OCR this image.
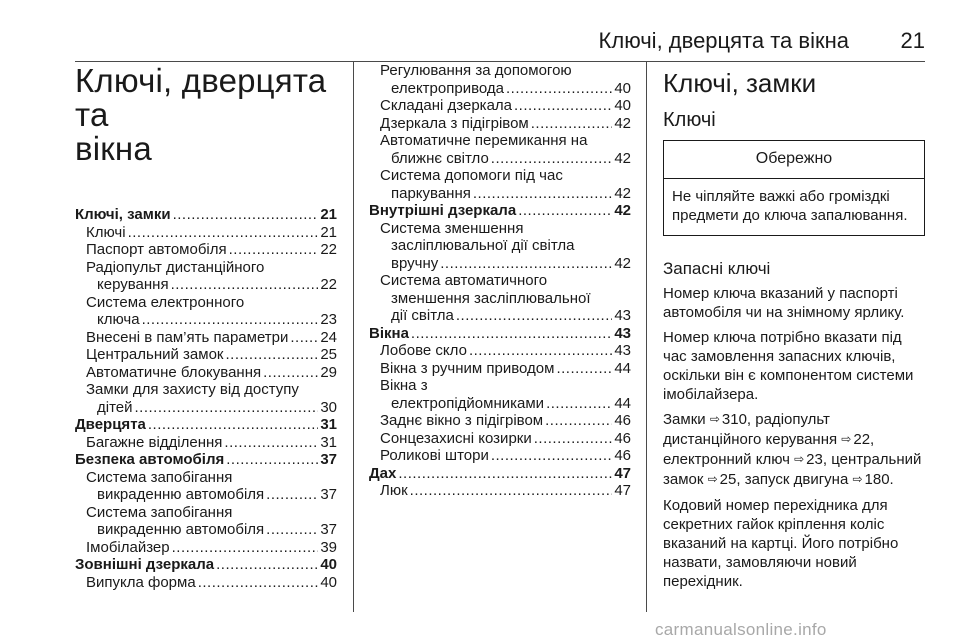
Ключі, дверцята та вікна 21
Ключі, дверцята та
вікна
Ключі, замки .....	21
Ключі .....	21
Паспорт автомобіля .....	22
Радіопульт дистанційного
керування .....	22
Система електронного
ключа .....	23
Внесені в пам’ять параметри ..... 24
Центральний замок .....	25
Автоматичне блокування .....	29
Замки для захисту від доступу
дітей .....	30
Дверцята .....	31
Багажне відділення .....	31
Безпека автомобіля .....	37
Система запобігання
викраденню автомобіля .....	37
Система запобігання
викраденню автомобіля .....	37
Імобілайзер .....	39
Зовнішні дзеркала .....	40
Випукла форма .....	40
Регулювання за допомогою
електропривода .....	40
Складані дзеркала .....	40
Дзеркала з підігрівом .....	42
Автоматичне перемикання на
ближнє світло .....	42
Система допомоги під час
паркування .....	42
Внутрішні дзеркала .....	42
Система зменшення
засліплювальної дії світла
вручну .....	42
Система автоматичного
зменшення засліплювальної
дії світла .....	43
Вікна .....	43
Лобове скло .....	43
Вікна з ручним приводом .....	44
Вікна з
електропідйомниками .....	44
Заднє вікно з підігрівом .....	46
Сонцезахисні козирки .....	46
Роликові штори .....	46
Дах .....	47
Люк .....	47
Ключі, замки
Ключі
Обережно
Не чіпляйте важкі або громіздкі предмети до ключа запалювання.
Запасні ключі

Номер ключа вказаний у паспорті автомобіля чи на знімному ярлику.

Номер ключа потрібно вказати під час замовлення запасних ключів, оскільки він є компонентом системи імобілайзера.

Замки ⇨ 310, радіопульт дистанційного керування ⇨ 22, електронний ключ ⇨ 23, центральний замок ⇨ 25, запуск двигуна ⇨ 180.

Кодовий номер перехідника для секретних гайок кріплення коліс вказаний на картці. Його потрібно назвати, замовляючи новий перехідник.

carmanualsonline.info
